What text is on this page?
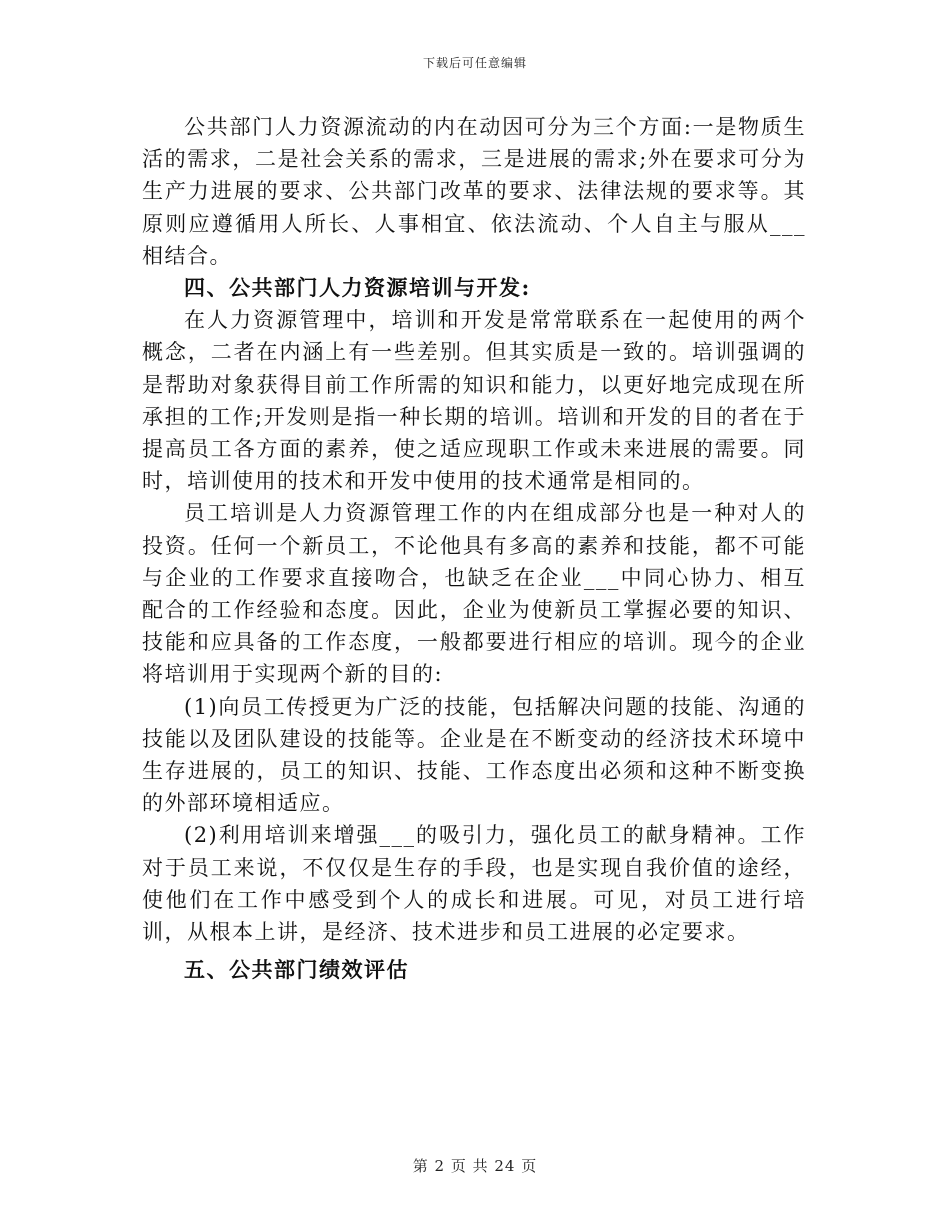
下载后可任意编辑

公共部门人力资源流动的内在动因可分为三个方面:一是物质生活的需求，二是社会关系的需求，三是进展的需求;外在要求可分为生产力进展的要求、公共部门改革的要求、法律法规的要求等。其原则应遵循用人所长、人事相宜、依法流动、个人自主与服从___相结合。

四、公共部门人力资源培训与开发:

在人力资源管理中，培训和开发是常常联系在一起使用的两个概念，二者在内涵上有一些差别。但其实质是一致的。培训强调的是帮助对象获得目前工作所需的知识和能力，以更好地完成现在所承担的工作;开发则是指一种长期的培训。培训和开发的目的者在于提高员工各方面的素养，使之适应现职工作或未来进展的需要。同时，培训使用的技术和开发中使用的技术通常是相同的。

员工培训是人力资源管理工作的内在组成部分也是一种对人的投资。任何一个新员工，不论他具有多高的素养和技能，都不可能与企业的工作要求直接吻合，也缺乏在企业___中同心协力、相互配合的工作经验和态度。因此，企业为使新员工掌握必要的知识、技能和应具备的工作态度，一般都要进行相应的培训。现今的企业将培训用于实现两个新的目的:

(1)向员工传授更为广泛的技能，包括解决问题的技能、沟通的技能以及团队建设的技能等。企业是在不断变动的经济技术环境中生存进展的，员工的知识、技能、工作态度出必须和这种不断变换的外部环境相适应。

(2)利用培训来增强___的吸引力，强化员工的献身精神。工作对于员工来说，不仅仅是生存的手段，也是实现自我价值的途经，使他们在工作中感受到个人的成长和进展。可见，对员工进行培训，从根本上讲，是经济、技术进步和员工进展的必定要求。

五、公共部门绩效评估

第 2 页 共 24 页
